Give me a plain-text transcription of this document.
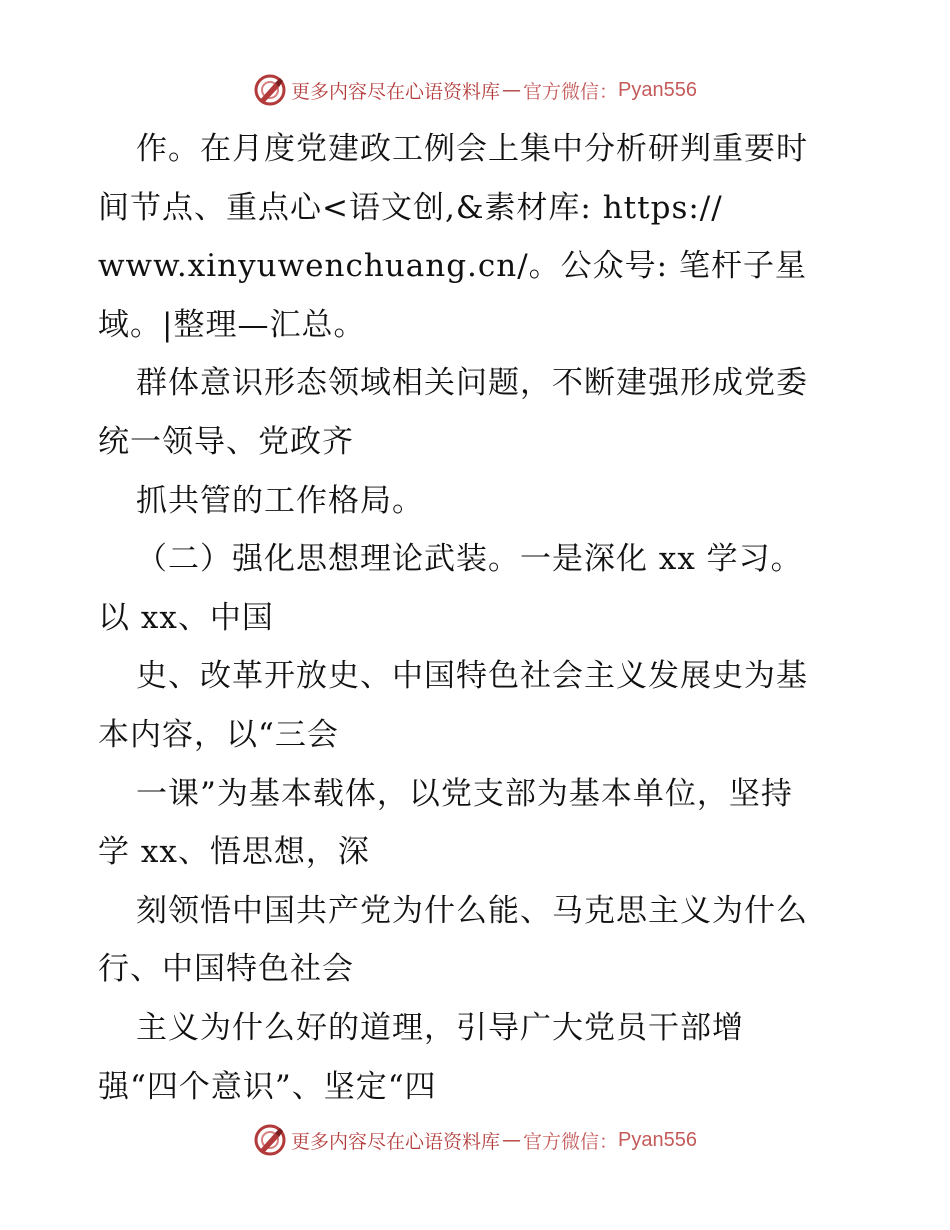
更多内容尽在心语资料库 — 官方微信： Pyan556
作。在月度党建政工例会上集中分析研判重要时
间节点、重点心<语文创,&素材库: https://
www.xinyuwenchuang.cn/。公众号: 笔杆子星
域。|整理—汇总。
群体意识形态领域相关问题，不断建强形成党委
统一领导、党政齐
抓共管的工作格局。
（二）强化思想理论武装。一是深化 xx 学习。
以 xx、中国
史、改革开放史、中国特色社会主义发展史为基
本内容，以“三会
一课”为基本载体，以党支部为基本单位，坚持
学 xx、悟思想，深
刻领悟中国共产党为什么能、马克思主义为什么
行、中国特色社会
主义为什么好的道理，引导广大党员干部增
强“四个意识”、坚定“四
更多内容尽在心语资料库 — 官方微信： Pyan556
